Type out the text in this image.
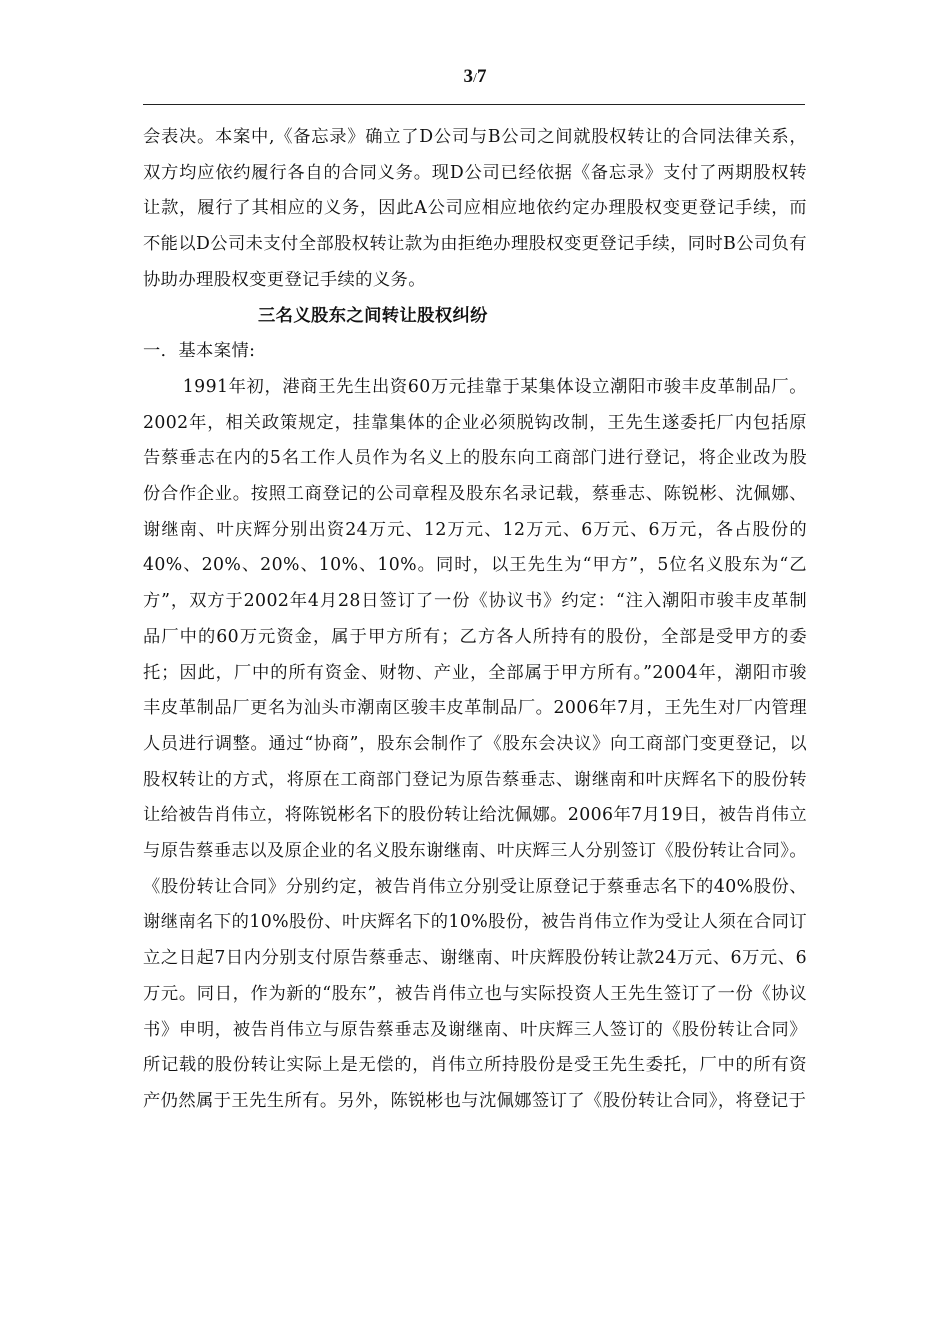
3/7

会表决。本案中,《备忘录》确立了D公司与B公司之间就股权转让的合同法律关系，双方均应依约履行各自的合同义务。现D公司已经依据《备忘录》支付了两期股权转让款，履行了其相应的义务，因此A公司应相应地依约定办理股权变更登记手续，而不能以D公司未支付全部股权转让款为由拒绝办理股权变更登记手续，同时B公司负有协助办理股权变更登记手续的义务。

三名义股东之间转让股权纠纷

一．基本案情:

1991年初，港商王先生出资60万元挂靠于某集体设立潮阳市骏丰皮革制品厂。2002年，相关政策规定，挂靠集体的企业必须脱钩改制，王先生遂委托厂内包括原告蔡垂志在内的5名工作人员作为名义上的股东向工商部门进行登记，将企业改为股份合作企业。按照工商登记的公司章程及股东名录记载，蔡垂志、陈锐彬、沈佩娜、谢继南、叶庆辉分别出资24万元、12万元、12万元、6万元、6万元，各占股份的40%、20%、20%、10%、10%。同时，以王先生为“甲方”，5位名义股东为“乙方”，双方于2002年4月28日签订了一份《协议书》约定：“注入潮阳市骏丰皮革制品厂中的60万元资金，属于甲方所有；乙方各人所持有的股份，全部是受甲方的委托；因此，厂中的所有资金、财物、产业，全部属于甲方所有。”2004年，潮阳市骏丰皮革制品厂更名为汕头市潮南区骏丰皮革制品厂。2006年7月，王先生对厂内管理人员进行调整。通过“协商”，股东会制作了《股东会决议》向工商部门变更登记，以股权转让的方式，将原在工商部门登记为原告蔡垂志、谢继南和叶庆辉名下的股份转让给被告肖伟立，将陈锐彬名下的股份转让给沈佩娜。2006年7月19日，被告肖伟立与原告蔡垂志以及原企业的名义股东谢继南、叶庆辉三人分别签订《股份转让合同》。《股份转让合同》分别约定，被告肖伟立分别受让原登记于蔡垂志名下的40%股份、谢继南名下的10%股份、叶庆辉名下的10%股份，被告肖伟立作为受让人须在合同订立之日起7日内分别支付原告蔡垂志、谢继南、叶庆辉股份转让款24万元、6万元、6万元。同日，作为新的“股东”，被告肖伟立也与实际投资人王先生签订了一份《协议书》申明，被告肖伟立与原告蔡垂志及谢继南、叶庆辉三人签订的《股份转让合同》所记载的股份转让实际上是无偿的，肖伟立所持股份是受王先生委托，厂中的所有资产仍然属于王先生所有。另外，陈锐彬也与沈佩娜签订了《股份转让合同》，将登记于
